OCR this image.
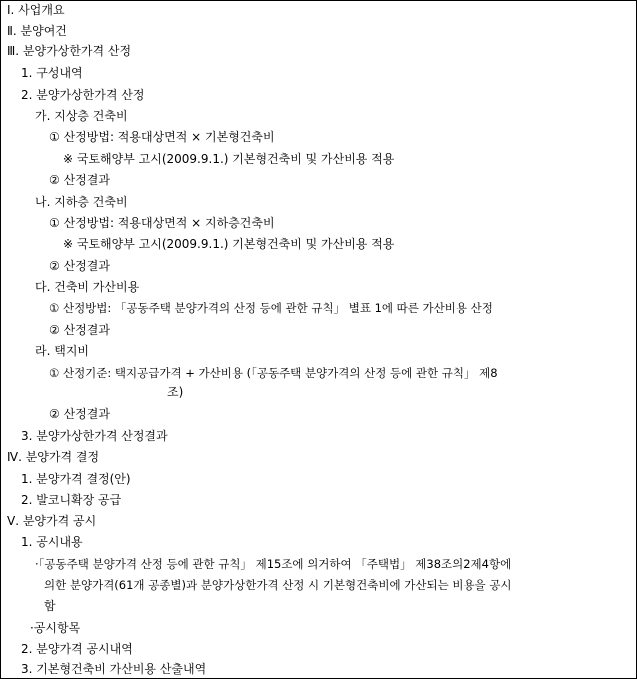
Ⅰ. 사업개요
Ⅱ. 분양여건
Ⅲ. 분양가상한가격 산정
1. 구성내역
2. 분양가상한가격 산정
가. 지상층 건축비
① 산정방법: 적용대상면적 × 기본형건축비
※ 국토해양부 고시(2009.9.1.) 기본형건축비 및 가산비용 적용
② 산정결과
나. 지하층 건축비
① 산정방법: 적용대상면적 × 지하층건축비
※ 국토해양부 고시(2009.9.1.) 기본형건축비 및 가산비용 적용
② 산정결과
다. 건축비 가산비용
① 산정방법: 「공동주택 분양가격의 산정 등에 관한 규칙」 별표 1에 따른 가산비용 산정
② 산정결과
라. 택지비
① 산정기준: 택지공급가격 + 가산비용 (「공동주택 분양가격의 산정 등에 관한 규칙」 제8
조)
② 산정결과
3. 분양가상한가격 산정결과
Ⅳ. 분양가격 결정
1. 분양가격 결정(안)
2. 발코니확장 공급
Ⅴ. 분양가격 공시
1. 공시내용
·「공동주택 분양가격 산정 등에 관한 규칙」 제15조에 의거하여 「주택법」 제38조의2제4항에
의한 분양가격(61개 공종별)과 분양가상한가격 산정 시 기본형건축비에 가산되는 비용을 공시
함
·공시항목
2. 분양가격 공시내역
3. 기본형건축비 가산비용 산출내역
